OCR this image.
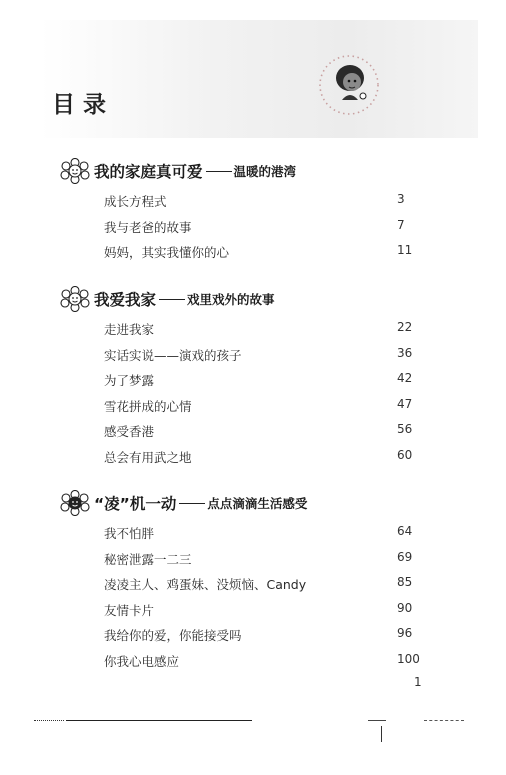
目录
我的家庭真可爱 温暖的港湾
成长方程式	3
我与老爸的故事	7
妈妈，其实我懂你的心	11
我爱我家 戏里戏外的故事
走进我家	22
实话实说——演戏的孩子	36
为了梦露	42
雪花拼成的心情	47
感受香港	56
总会有用武之地	60
“凌”机一动 点点滴滴生活感受
我不怕胖	64
秘密泄露一二三	69
凌凌主人、鸡蛋妹、没烦恼、Candy	85
友情卡片	90
我给你的爱，你能接受吗	96
你我心电感应	100
1
